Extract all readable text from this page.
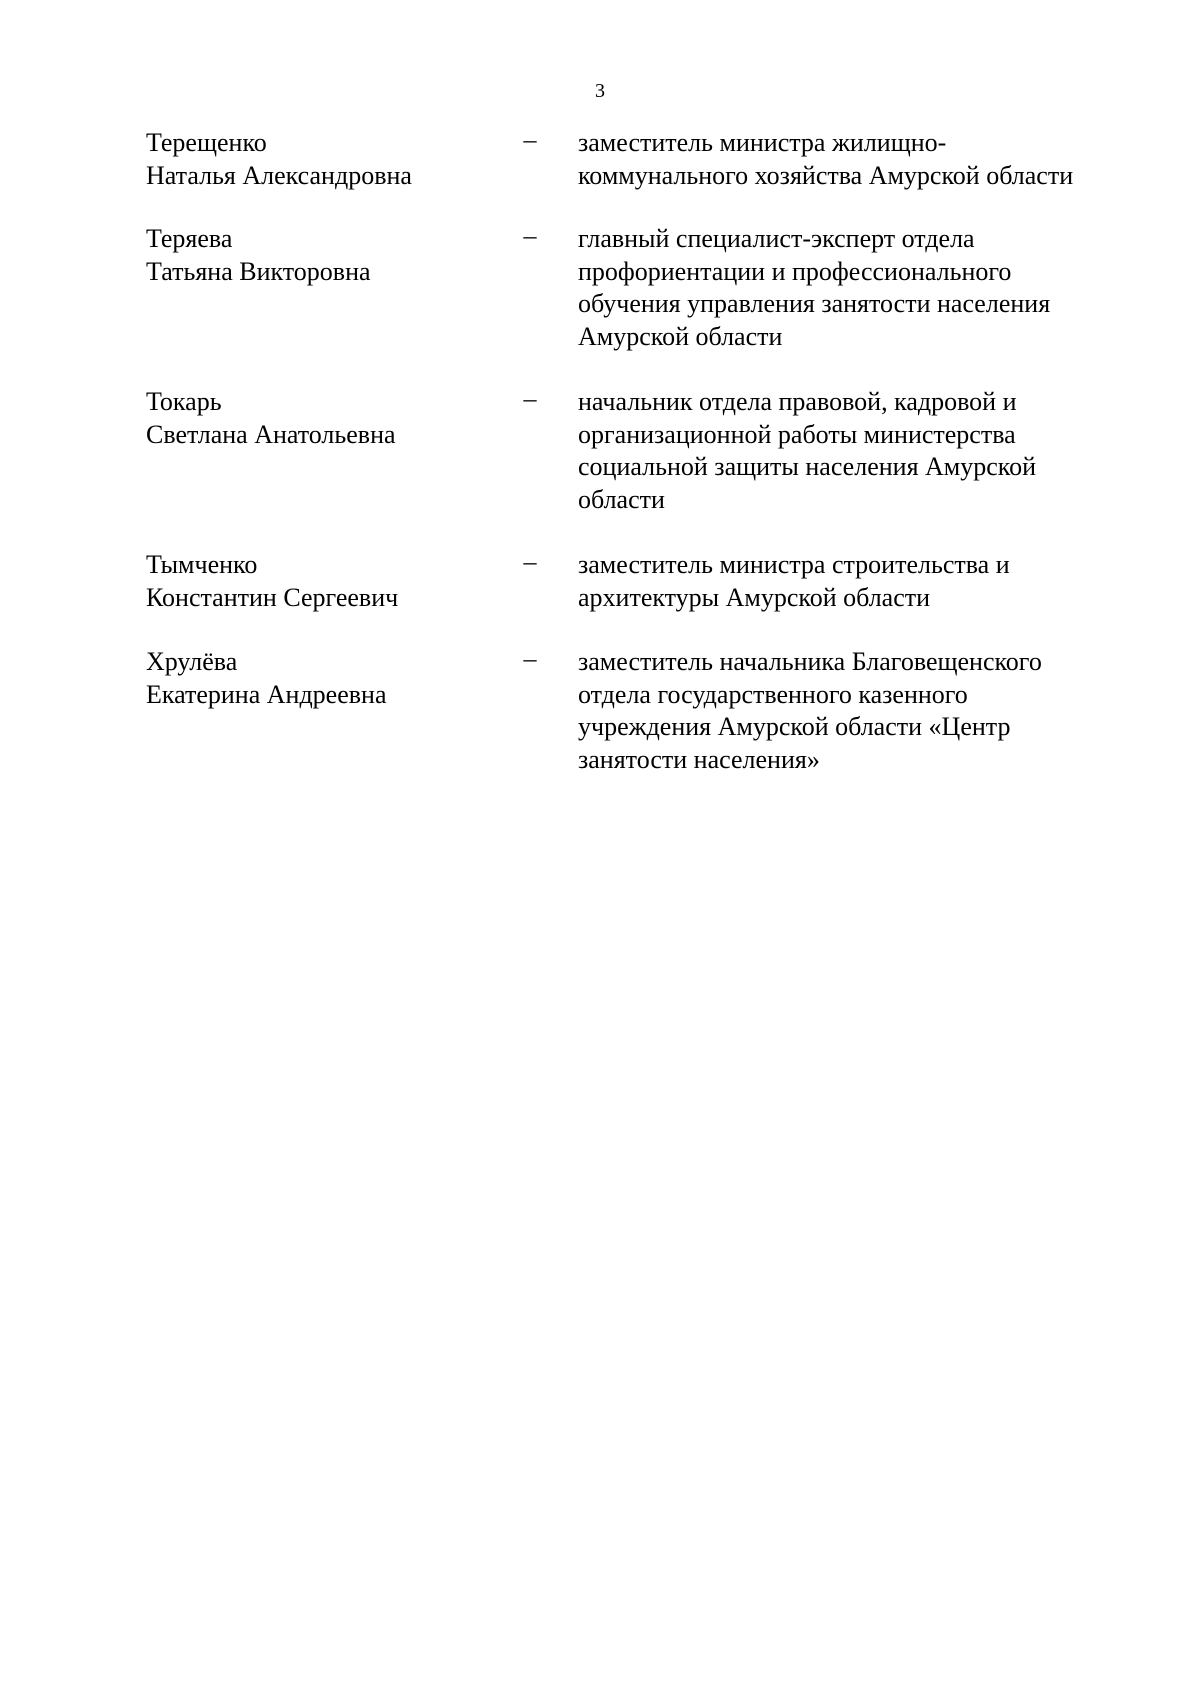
3
Терещенко
Наталья Александровна
– заместитель министра жилищно-
коммунального хозяйства Амурской области
Теряева
Татьяна Викторовна
– главный специалист-эксперт отдела
профориентации и профессионального
обучения управления занятости населения
Амурской области
Токарь
Светлана Анатольевна
– начальник отдела правовой, кадровой и
организационной работы министерства
социальной защиты населения Амурской
области
Тымченко
Константин Сергеевич
– заместитель министра строительства и
архитектуры Амурской области
Хрулёва
Екатерина Андреевна
– заместитель начальника Благовещенского
отдела государственного казенного
учреждения Амурской области «Центр
занятости населения»
